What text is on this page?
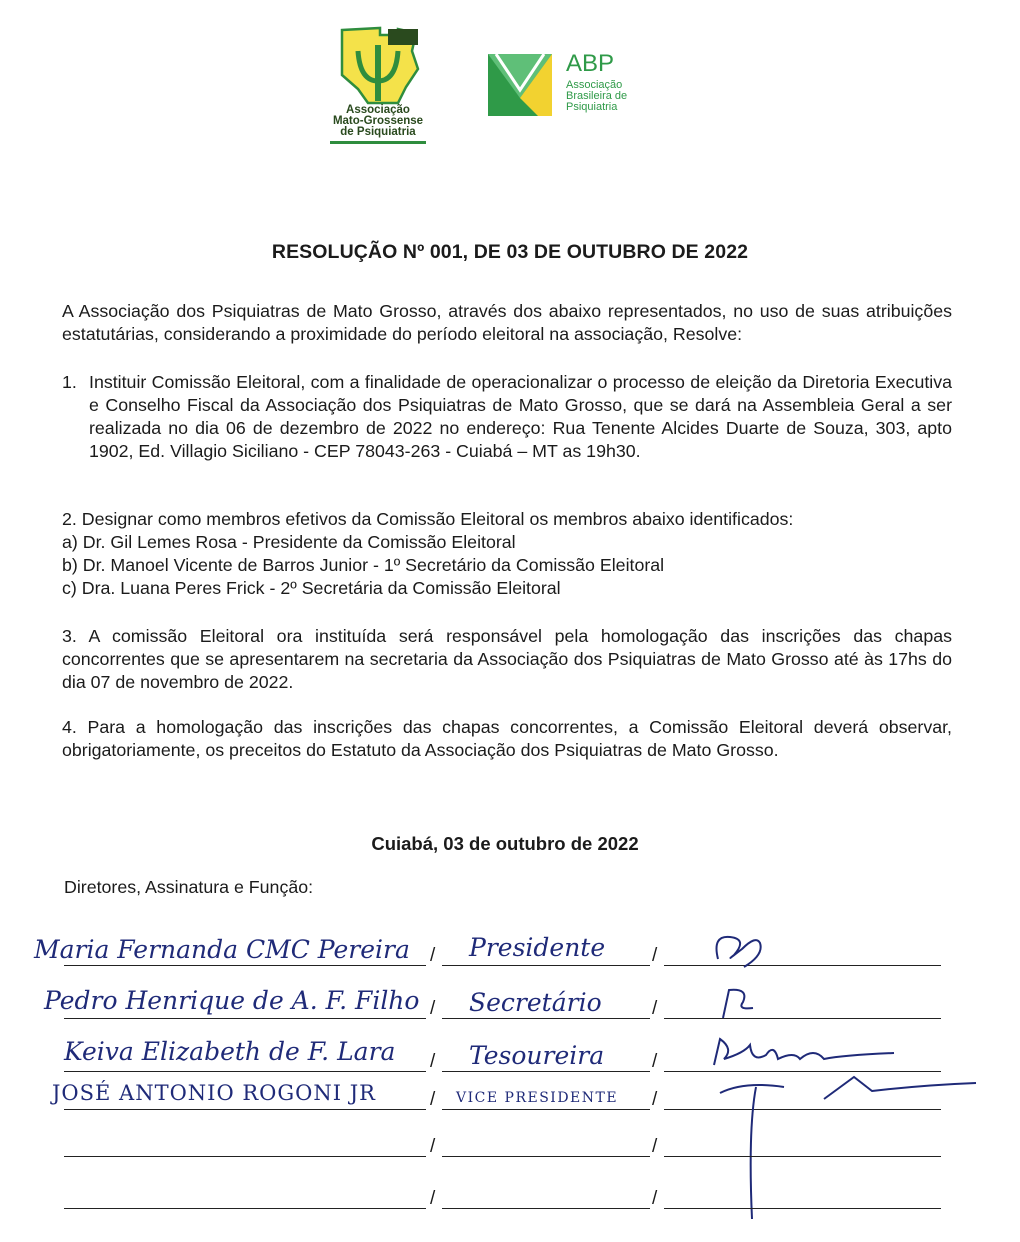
Associação
Mato-Grossense
de Psiquiatria
ABP
Associação
Brasileira de
Psiquiatria
RESOLUÇÃO Nº 001, DE 03 DE OUTUBRO DE 2022
A Associação dos Psiquiatras de Mato Grosso, através dos abaixo representados, no uso de suas atribuições estatutárias, considerando a proximidade do período eleitoral na associação, Resolve:
1. Instituir Comissão Eleitoral, com a finalidade de operacionalizar o processo de eleição da Diretoria Executiva e Conselho Fiscal da Associação dos Psiquiatras de Mato Grosso, que se dará na Assembleia Geral a ser realizada no dia 06 de dezembro de 2022 no endereço: Rua Tenente Alcides Duarte de Souza, 303, apto 1902, Ed. Villagio Siciliano - CEP 78043-263 - Cuiabá – MT as 19h30.
2. Designar como membros efetivos da Comissão Eleitoral os membros abaixo identificados:
a) Dr. Gil Lemes Rosa - Presidente da Comissão Eleitoral
b) Dr. Manoel Vicente de Barros Junior - 1º Secretário da Comissão Eleitoral
c) Dra. Luana Peres Frick - 2º Secretária da Comissão Eleitoral
3. A comissão Eleitoral ora instituída será responsável pela homologação das inscrições das chapas concorrentes que se apresentarem na secretaria da Associação dos Psiquiatras de Mato Grosso até às 17hs do dia 07 de novembro de 2022.
4. Para a homologação das inscrições das chapas concorrentes, a Comissão Eleitoral deverá observar, obrigatoriamente, os preceitos do Estatuto da Associação dos Psiquiatras de Mato Grosso.
Cuiabá, 03 de outubro de 2022
Diretores, Assinatura e Função:
Maria Fernanda CMC Pereira / Presidente /
Pedro Henrique de A. F. Filho / Secretário	/
Keiva Elizabeth de F. Lara / Tesoureira	/
JOSÉ ANTONIO ROGONI JR	/ VICE PRESIDENTE /
/	/
/	/
